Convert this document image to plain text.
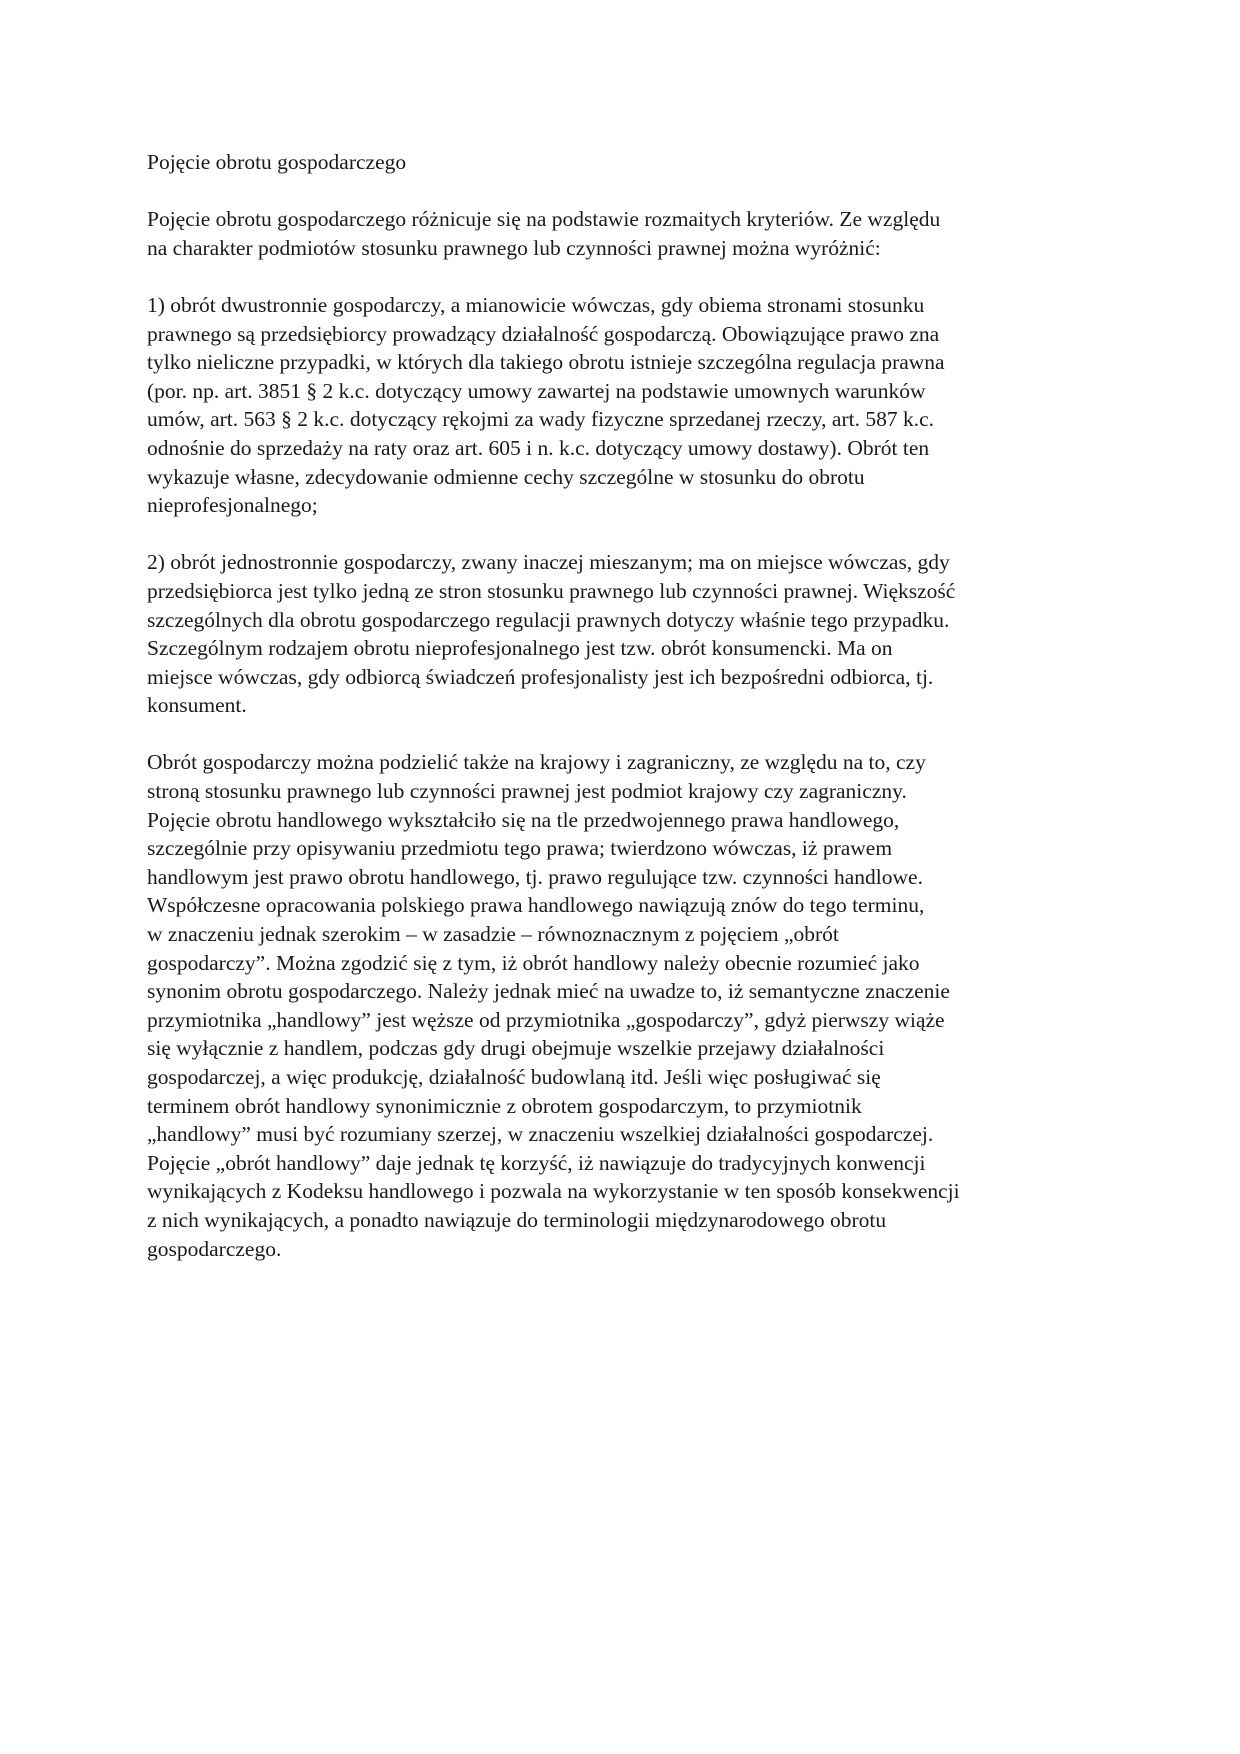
Pojęcie obrotu gospodarczego

Pojęcie obrotu gospodarczego różnicuje się na podstawie rozmaitych kryteriów. Ze względu
na charakter podmiotów stosunku prawnego lub czynności prawnej można wyróżnić:

1) obrót dwustronnie gospodarczy, a mianowicie wówczas, gdy obiema stronami stosunku
prawnego są przedsiębiorcy prowadzący działalność gospodarczą. Obowiązujące prawo zna
tylko nieliczne przypadki, w których dla takiego obrotu istnieje szczególna regulacja prawna
(por. np. art. 3851 § 2 k.c. dotyczący umowy zawartej na podstawie umownych warunków
umów, art. 563 § 2 k.c. dotyczący rękojmi za wady fizyczne sprzedanej rzeczy, art. 587 k.c.
odnośnie do sprzedaży na raty oraz art. 605 i n. k.c. dotyczący umowy dostawy). Obrót ten
wykazuje własne, zdecydowanie odmienne cechy szczególne w stosunku do obrotu
nieprofesjonalnego;

2) obrót jednostronnie gospodarczy, zwany inaczej mieszanym; ma on miejsce wówczas, gdy
przedsiębiorca jest tylko jedną ze stron stosunku prawnego lub czynności prawnej. Większość
szczególnych dla obrotu gospodarczego regulacji prawnych dotyczy właśnie tego przypadku.
Szczególnym rodzajem obrotu nieprofesjonalnego jest tzw. obrót konsumencki. Ma on
miejsce wówczas, gdy odbiorcą świadczeń profesjonalisty jest ich bezpośredni odbiorca, tj.
konsument.

Obrót gospodarczy można podzielić także na krajowy i zagraniczny, ze względu na to, czy
stroną stosunku prawnego lub czynności prawnej jest podmiot krajowy czy zagraniczny.
Pojęcie obrotu handlowego wykształciło się na tle przedwojennego prawa handlowego,
szczególnie przy opisywaniu przedmiotu tego prawa; twierdzono wówczas, iż prawem
handlowym jest prawo obrotu handlowego, tj. prawo regulujące tzw. czynności handlowe.
Współczesne opracowania polskiego prawa handlowego nawiązują znów do tego terminu,
w znaczeniu jednak szerokim – w zasadzie – równoznacznym z pojęciem „obrót
gospodarczy”. Można zgodzić się z tym, iż obrót handlowy należy obecnie rozumieć jako
synonim obrotu gospodarczego. Należy jednak mieć na uwadze to, iż semantyczne znaczenie
przymiotnika „handlowy” jest węższe od przymiotnika „gospodarczy”, gdyż pierwszy wiąże
się wyłącznie z handlem, podczas gdy drugi obejmuje wszelkie przejawy działalności
gospodarczej, a więc produkcję, działalność budowlaną itd. Jeśli więc posługiwać się
terminem obrót handlowy synonimicznie z obrotem gospodarczym, to przymiotnik
„handlowy” musi być rozumiany szerzej, w znaczeniu wszelkiej działalności gospodarczej.
Pojęcie „obrót handlowy” daje jednak tę korzyść, iż nawiązuje do tradycyjnych konwencji
wynikających z Kodeksu handlowego i pozwala na wykorzystanie w ten sposób konsekwencji
z nich wynikających, a ponadto nawiązuje do terminologii międzynarodowego obrotu
gospodarczego.
